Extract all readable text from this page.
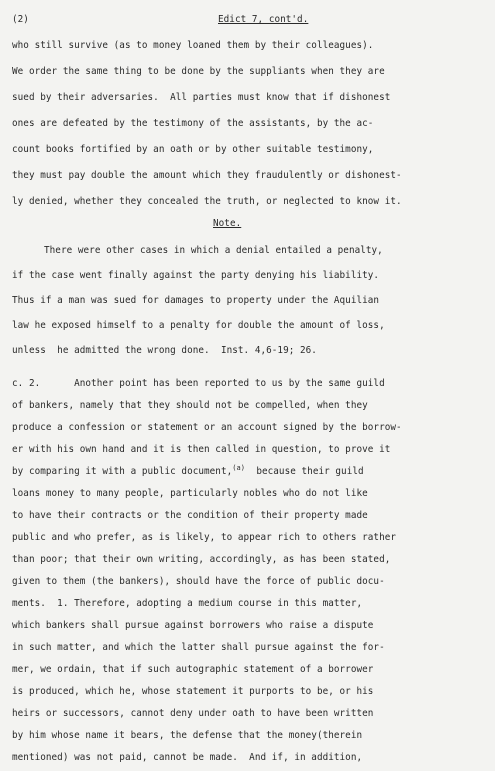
(2)	Edict 7, cont'd.
who still survive (as to money loaned them by their colleagues).
We order the same thing to be done by the suppliants when they are
sued by their adversaries.  All parties must know that if dishonest
ones are defeated by the testimony of the assistants, by the ac-
count books fortified by an oath or by other suitable testimony,
they must pay double the amount which they fraudulently or dishonest-
ly denied, whether they concealed the truth, or neglected to know it.
Note.
There were other cases in which a denial entailed a penalty,
if the case went finally against the party denying his liability.
Thus if a man was sued for damages to property under the Aquilian
law he exposed himself to a penalty for double the amount of loss,
unless  he admitted the wrong done.  Inst. 4,6-19; 26.
c. 2.      Another point has been reported to us by the same guild
of bankers, namely that they should not be compelled, when they
produce a confession or statement or an account signed by the borrow-
er with his own hand and it is then called in question, to prove it
by comparing it with a public document,$^{(a)}$  because their guild
loans money to many people, particularly nobles who do not like
to have their contracts or the condition of their property made
public and who prefer, as is likely, to appear rich to others rather
than poor; that their own writing, accordingly, as has been stated,
given to them (the bankers), should have the force of public docu-
ments.  1. Therefore, adopting a medium course in this matter,
which bankers shall pursue against borrowers who raise a dispute
in such matter, and which the latter shall pursue against the for-
mer, we ordain, that if such autographic statement of a borrower
is produced, which he, whose statement it purports to be, or his
heirs or successors, cannot deny under oath to have been written
by him whose name it bears, the defense that the money(therein
mentioned) was not paid, cannot be made.  And if, in addition,
